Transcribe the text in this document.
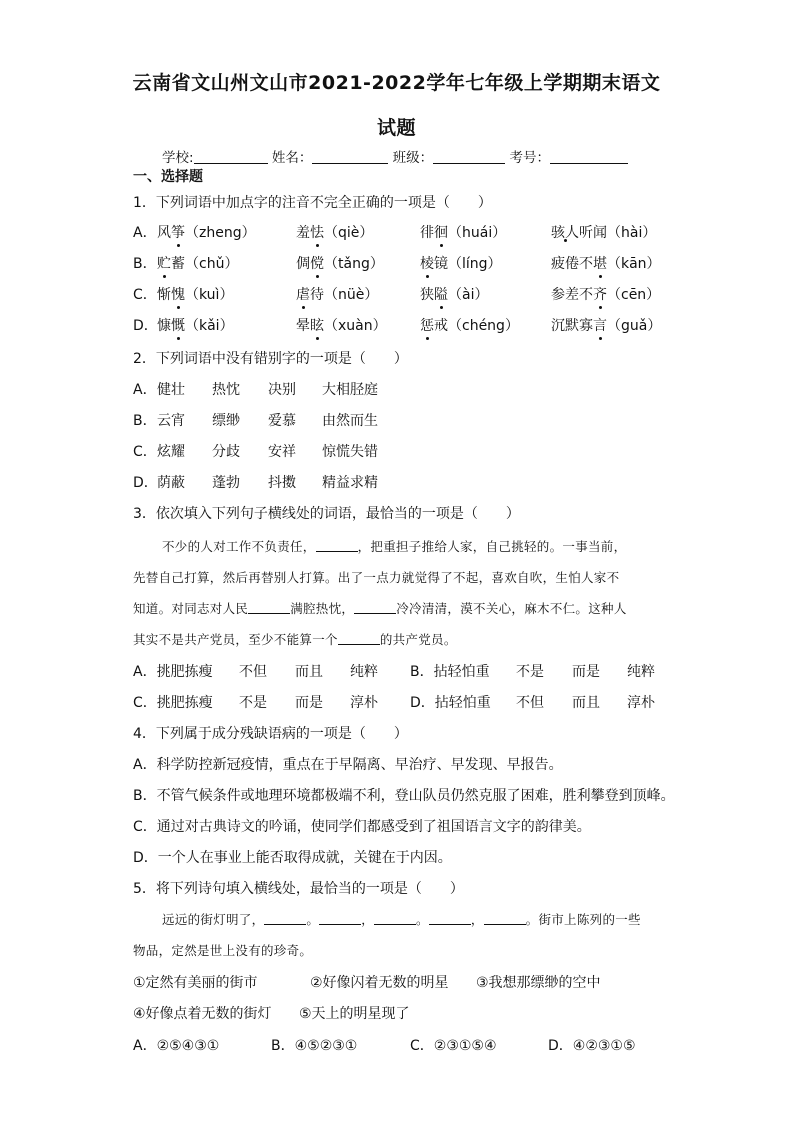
云南省文山州文山市2021-2022学年七年级上学期期末语文
试题
学校:	姓名：	班级：	考号：
一、选择题
1．下列词语中加点字的注音不完全正确的一项是（　　）
A． 风筝（zheng）	羞怯（qiè）	徘徊（huái）	骇人听闻（hài）
B． 贮蓄（chǔ）	倜傥（tǎng）	棱镜（líng）	疲倦不堪（kān）
C． 惭愧（kuì）	虐待（nüè）	狭隘（ài）	参差不齐（cēn）
D． 慷慨（kǎi）	晕眩（xuàn） 惩戒（chéng） 沉默寡言（guǎ）
2．下列词语中没有错别字的一项是（　　）
A． 健壮 热忱 决别 大相胫庭
B． 云宵 缥缈 爱慕 由然而生
C． 炫耀 分歧 安祥 惊慌失错
D． 荫蔽 蓬勃 抖擞 精益求精
3．依次填入下列句子横线处的词语，最恰当的一项是（　　）
不少的人对工作不负责任，	，把重担子推给人家，自己挑轻的。一事当前，
先替自己打算，然后再替别人打算。出了一点力就觉得了不起，喜欢自吹，生怕人家不
知道。对同志对人民	满腔热忱，	冷冷清清，漠不关心，麻木不仁。这种人
其实不是共产党员，至少不能算一个	的共产党员。
A．挑肥拣瘦 不但 而且 纯粹 B．拈轻怕重 不是 而是 纯粹
C．挑肥拣瘦 不是 而是 淳朴 D．拈轻怕重 不但 而且 淳朴
4．下列属于成分残缺语病的一项是（　　）
A．科学防控新冠疫情，重点在于早隔离、早治疗、早发现、早报告。
B．不管气候条件或地理环境都极端不利，登山队员仍然克服了困难，胜利攀登到顶峰。
C．通过对古典诗文的吟诵，使同学们都感受到了祖国语言文字的韵律美。
D．一个人在事业上能否取得成就，关键在于内因。
5．将下列诗句填入横线处，最恰当的一项是（　　）
远远的街灯明了，	。	，	。	，	。街市上陈列的一些
物品，定然是世上没有的珍奇。
①定然有美丽的街市	②好像闪着无数的明星 ③我想那缥缈的空中
④好像点着无数的街灯 ⑤天上的明星现了
A．②⑤④③①	B．④⑤②③①	C．②③①⑤④	D．④②③①⑤
